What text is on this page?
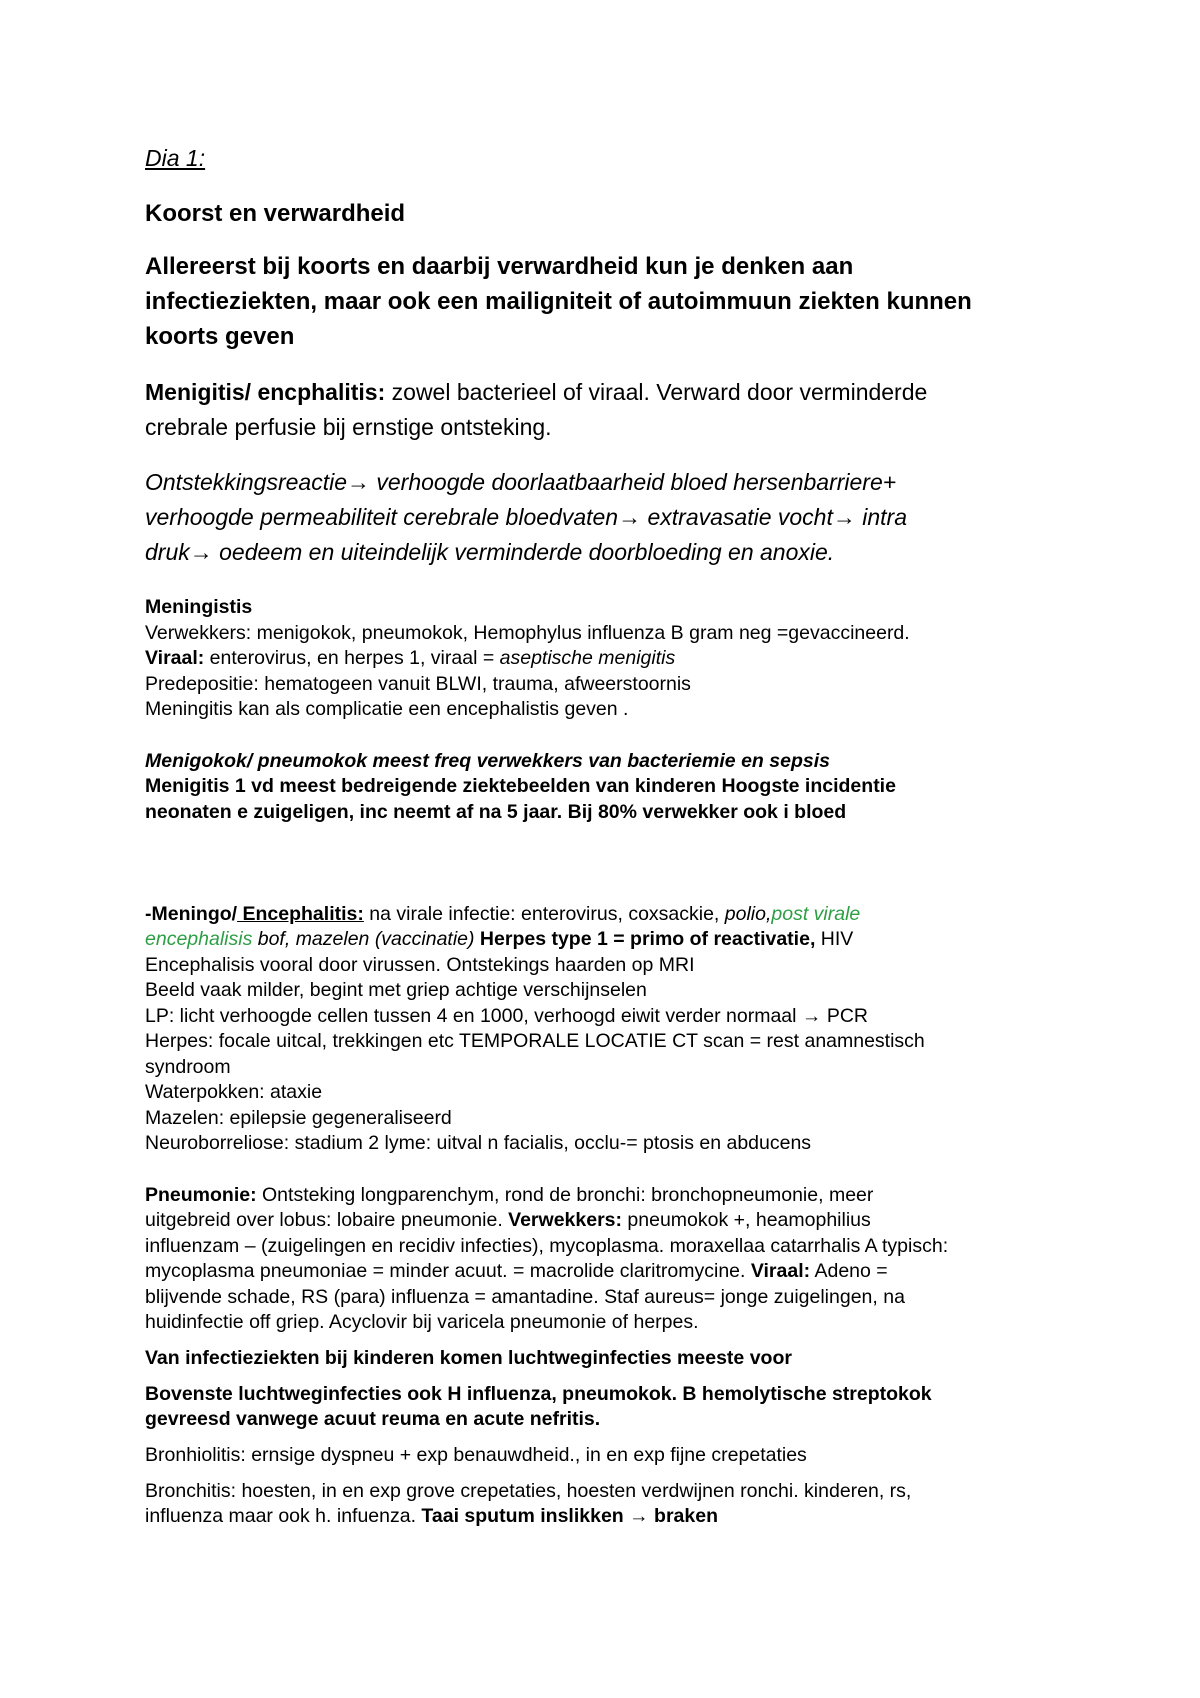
Dia 1:
Koorst en verwardheid
Allereerst bij koorts en daarbij verwardheid kun je denken aan
infectieziekten, maar ook een mailigniteit of autoimmuun ziekten kunnen
koorts geven
Menigitis/ encphalitis: zowel bacterieel of viraal. Verward door verminderde
crebrale perfusie bij ernstige ontsteking.
Ontstekkingsreactie→ verhoogde doorlaatbaarheid bloed hersenbarriere+
verhoogde permeabiliteit cerebrale bloedvaten→ extravasatie vocht→ intra
druk→ oedeem en uiteindelijk verminderde doorbloeding en anoxie.
Meningistis
Verwekkers: menigokok, pneumokok, Hemophylus influenza B gram neg =gevaccineerd.
Viraal: enterovirus, en herpes 1, viraal = aseptische menigitis
Predepositie: hematogeen vanuit BLWI, trauma, afweerstoornis
Meningitis kan als complicatie een encephalistis geven .
Menigokok/ pneumokok meest freq verwekkers van bacteriemie en sepsis
Menigitis 1 vd meest bedreigende ziektebeelden van kinderen Hoogste incidentie
neonaten e zuigeligen, inc neemt af na 5 jaar. Bij 80% verwekker ook i bloed
-Meningo/ Encephalitis: na virale infectie: enterovirus, coxsackie, polio,post virale
encephalisis bof, mazelen (vaccinatie) Herpes type 1 = primo of reactivatie, HIV
Encephalisis vooral door virussen. Ontstekings haarden op MRI
Beeld vaak milder, begint met griep achtige verschijnselen
LP: licht verhoogde cellen tussen 4 en 1000, verhoogd eiwit verder normaal → PCR
Herpes: focale uitcal, trekkingen etc TEMPORALE LOCATIE CT scan = rest anamnestisch
syndroom
Waterpokken: ataxie
Mazelen: epilepsie gegeneraliseerd
Neuroborreliose: stadium 2 lyme: uitval n facialis, occlu-= ptosis en abducens
Pneumonie: Ontsteking longparenchym, rond de bronchi: bronchopneumonie, meer
uitgebreid over lobus: lobaire pneumonie. Verwekkers: pneumokok +, heamophilius
influenzam – (zuigelingen en recidiv infecties), mycoplasma. moraxellaa catarrhalis A typisch:
mycoplasma pneumoniae = minder acuut. = macrolide claritromycine. Viraal: Adeno =
blijvende schade, RS (para) influenza = amantadine. Staf aureus= jonge zuigelingen, na
huidinfectie off griep. Acyclovir bij varicela pneumonie of herpes.
Van infectieziekten bij kinderen komen luchtweginfecties meeste voor
Bovenste luchtweginfecties ook H influenza, pneumokok. B hemolytische streptokok
gevreesd vanwege acuut reuma en acute nefritis.
Bronhiolitis: ernsige dyspneu + exp benauwdheid., in en exp fijne crepetaties
Bronchitis: hoesten, in en exp grove crepetaties, hoesten verdwijnen ronchi. kinderen, rs,
influenza maar ook h. infuenza. Taai sputum inslikken → braken
